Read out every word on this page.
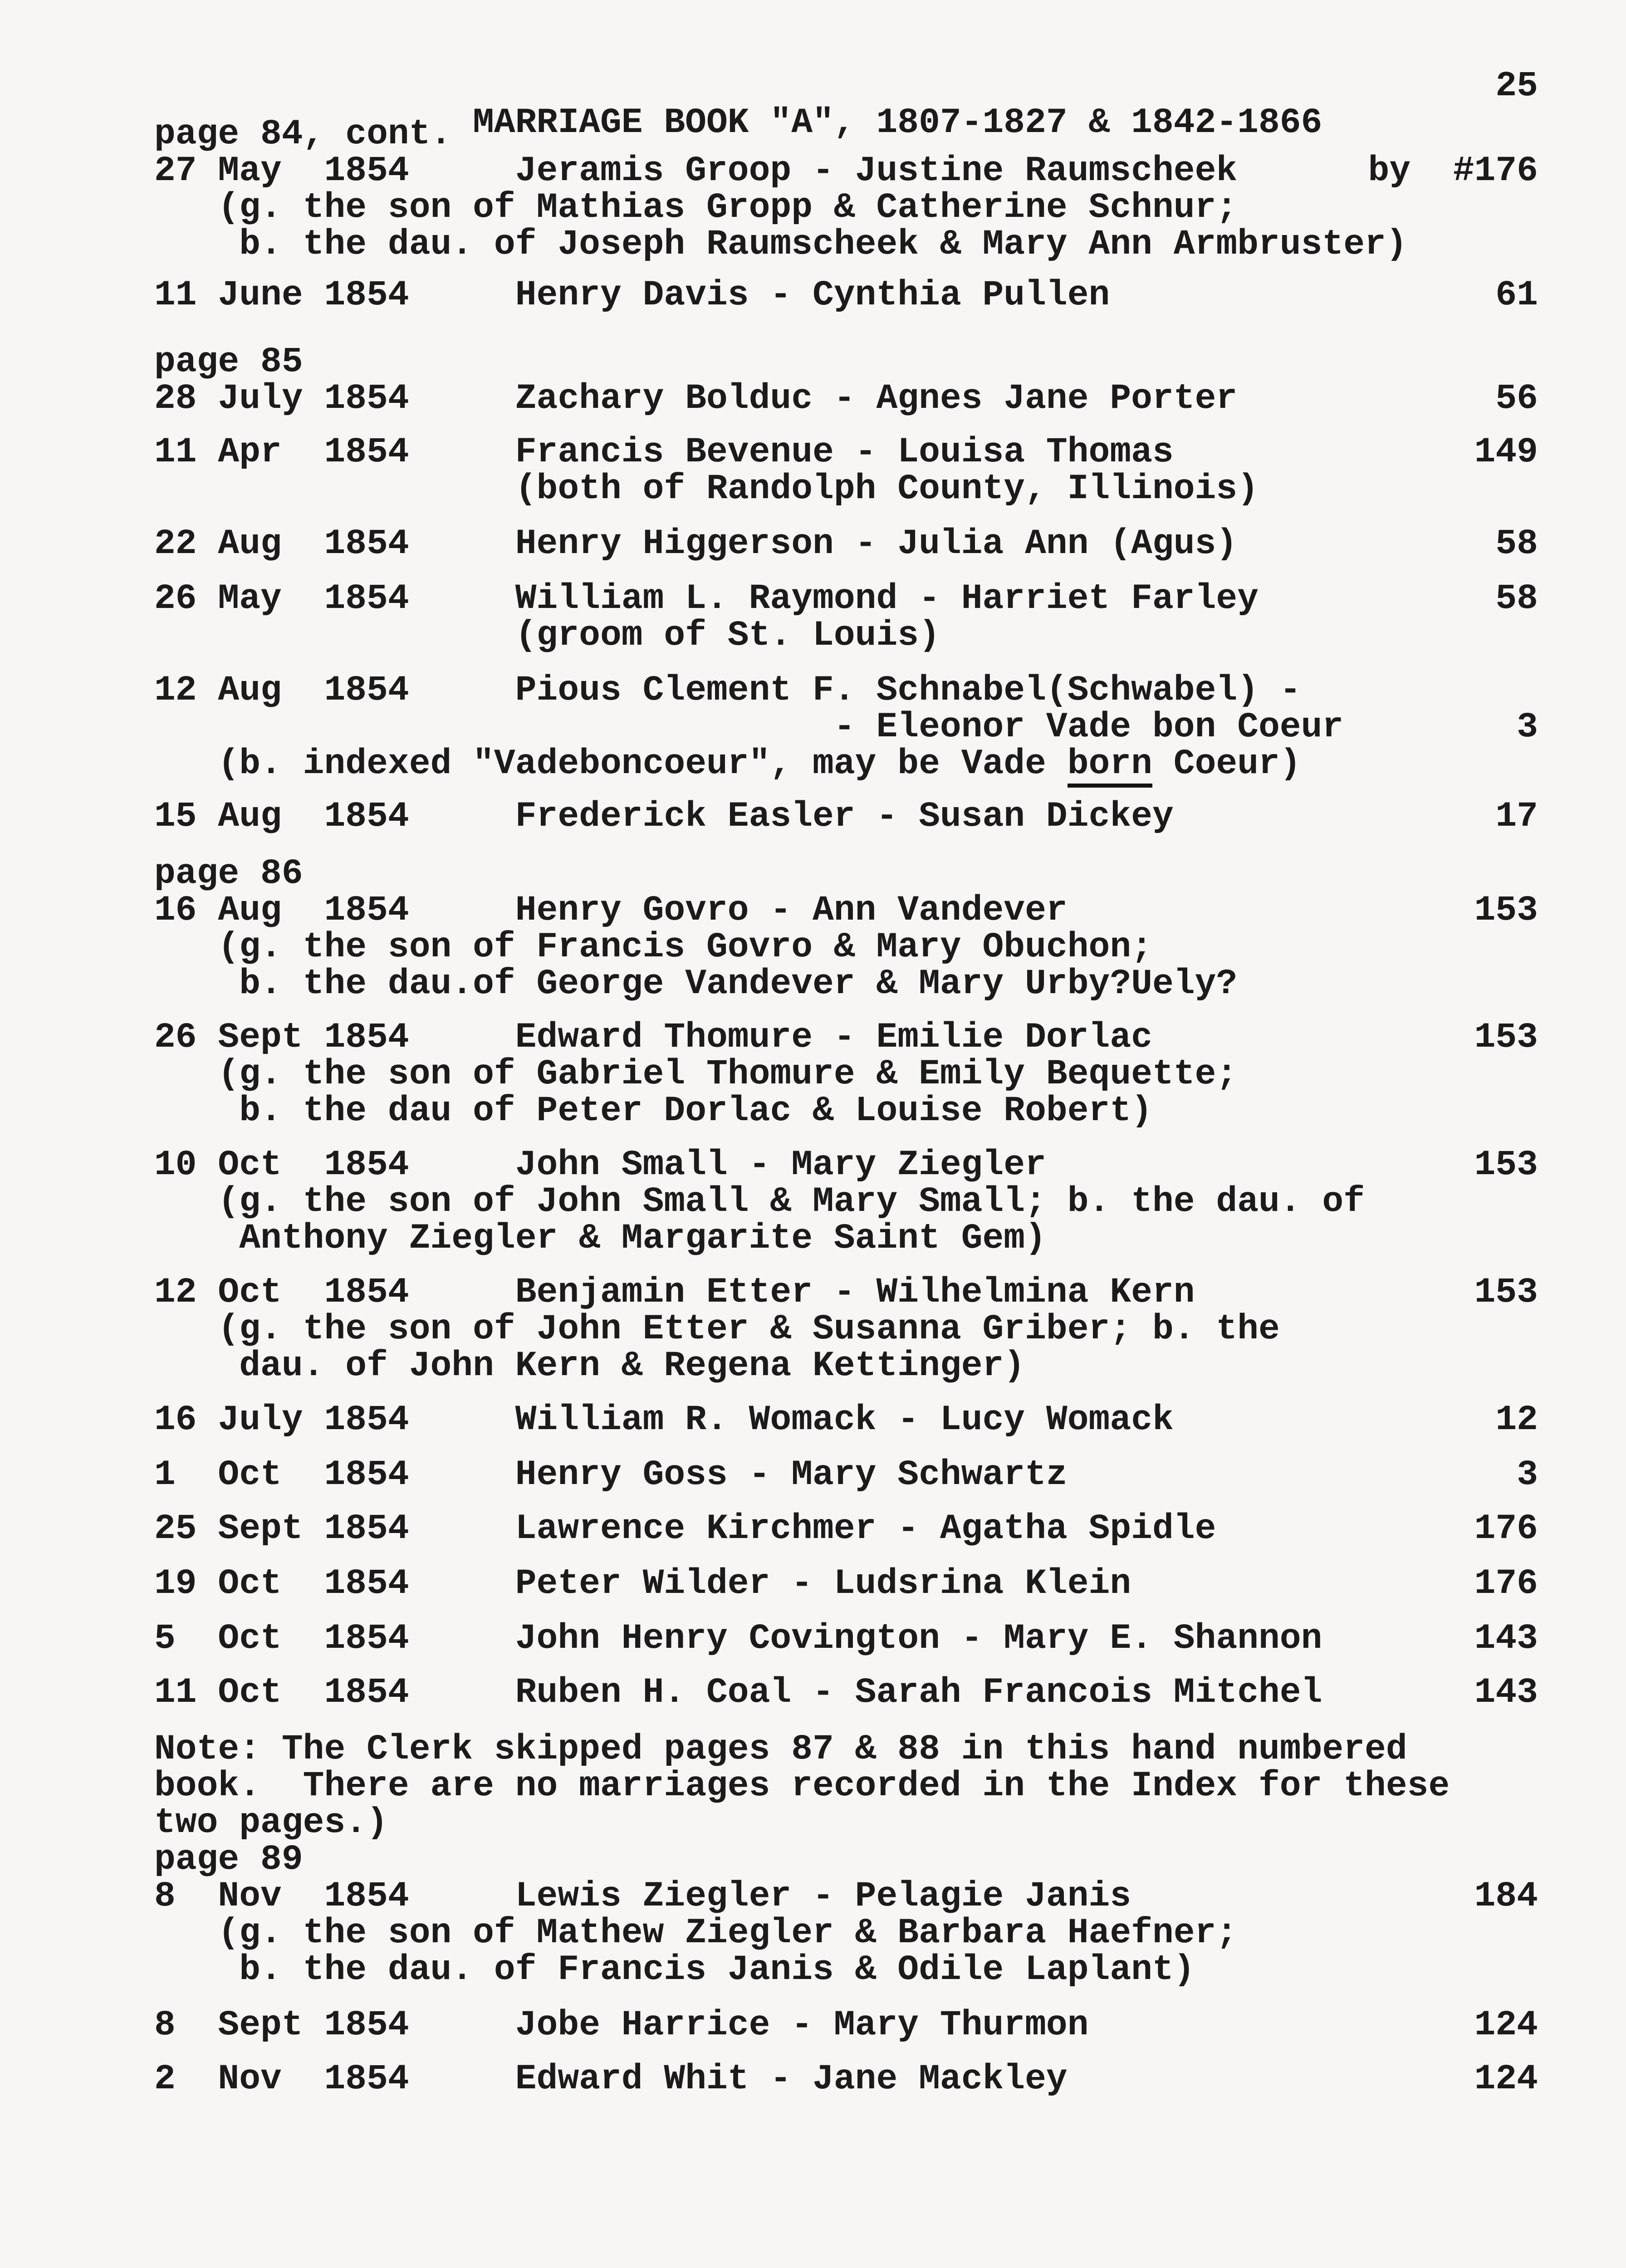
MARRIAGE BOOK "A", 1807-1827 & 1842-1866

25

page 84, cont.
27 May  1854     Jeramis Groop - Justine Raumscheek	by  #176
(g. the son of Mathias Gropp & Catherine Schnur;
b. the dau. of Joseph Raumscheek & Mary Ann Armbruster)
11 June 1854     Henry Davis - Cynthia Pullen	61
page 85
28 July 1854     Zachary Bolduc - Agnes Jane Porter	56
11 Apr  1854     Francis Bevenue - Louisa Thomas	149
(both of Randolph County, Illinois)
22 Aug  1854     Henry Higgerson - Julia Ann (Agus)	58
26 May  1854     William L. Raymond - Harriet Farley	58
(groom of St. Louis)
12 Aug  1854     Pious Clement F. Schnabel(Schwabel) -
- Eleonor Vade bon Coeur	3
(b. indexed "Vadeboncoeur", may be Vade born Coeur)
15 Aug  1854     Frederick Easler - Susan Dickey	17
page 86
16 Aug  1854     Henry Govro - Ann Vandever	153
(g. the son of Francis Govro & Mary Obuchon;
b. the dau.of George Vandever & Mary Urby?Uely?
26 Sept 1854     Edward Thomure - Emilie Dorlac	153
(g. the son of Gabriel Thomure & Emily Bequette;
b. the dau of Peter Dorlac & Louise Robert)
10 Oct  1854     John Small - Mary Ziegler	153
(g. the son of John Small & Mary Small; b. the dau. of
Anthony Ziegler & Margarite Saint Gem)
12 Oct  1854     Benjamin Etter - Wilhelmina Kern	153
(g. the son of John Etter & Susanna Griber; b. the
dau. of John Kern & Regena Kettinger)
16 July 1854     William R. Womack - Lucy Womack	12
1  Oct  1854     Henry Goss - Mary Schwartz	3
25 Sept 1854     Lawrence Kirchmer - Agatha Spidle	176
19 Oct  1854     Peter Wilder - Ludsrina Klein	176
5  Oct  1854     John Henry Covington - Mary E. Shannon	143
11 Oct  1854     Ruben H. Coal - Sarah Francois Mitchel	143
Note: The Clerk skipped pages 87 & 88 in this hand numbered
book.  There are no marriages recorded in the Index for these
two pages.)
page 89
8  Nov  1854     Lewis Ziegler - Pelagie Janis	184
(g. the son of Mathew Ziegler & Barbara Haefner;
b. the dau. of Francis Janis & Odile Laplant)
8  Sept 1854     Jobe Harrice - Mary Thurmon	124
2  Nov  1854     Edward Whit - Jane Mackley	124
